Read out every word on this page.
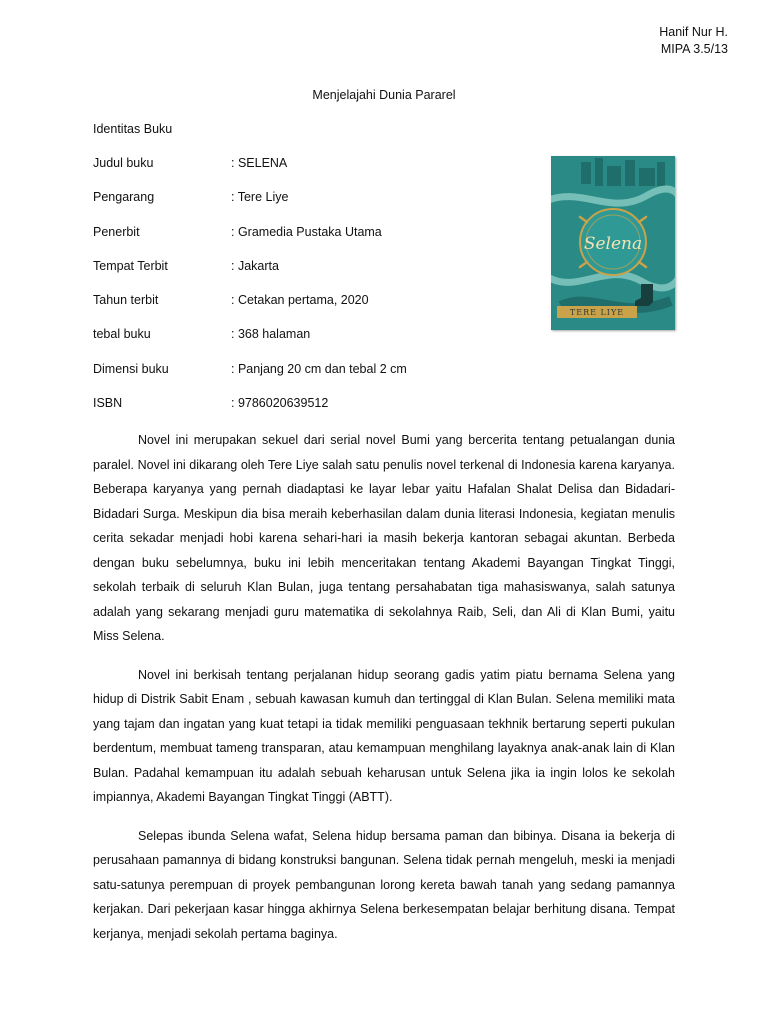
Hanif Nur H.
MIPA 3.5/13
Menjelajahi Dunia Pararel
Identitas Buku
Judul buku	: SELENA
Pengarang	: Tere Liye
Penerbit	: Gramedia Pustaka Utama
Tempat Terbit	: Jakarta
Tahun terbit	: Cetakan pertama, 2020
tebal buku	: 368 halaman
Dimensi buku	: Panjang 20 cm dan tebal 2 cm
ISBN	: 9786020639512
Selena
TERE LIYE

Novel ini merupakan sekuel dari serial novel Bumi yang bercerita tentang petualangan dunia paralel. Novel ini dikarang oleh Tere Liye salah satu penulis novel terkenal di Indonesia karena karyanya. Beberapa karyanya yang pernah diadaptasi ke layar lebar yaitu Hafalan Shalat Delisa dan Bidadari-Bidadari Surga. Meskipun dia bisa meraih keberhasilan dalam dunia literasi Indonesia, kegiatan menulis cerita sekadar menjadi hobi karena sehari-hari ia masih bekerja kantoran sebagai akuntan. Berbeda dengan buku sebelumnya, buku ini lebih menceritakan tentang Akademi Bayangan Tingkat Tinggi, sekolah terbaik di seluruh Klan Bulan, juga tentang persahabatan tiga mahasiswanya, salah satunya adalah yang sekarang menjadi guru matematika di sekolahnya Raib, Seli, dan Ali di Klan Bumi, yaitu Miss Selena.

Novel ini berkisah tentang perjalanan hidup seorang gadis yatim piatu bernama Selena yang hidup di Distrik Sabit Enam , sebuah kawasan kumuh dan tertinggal di Klan Bulan. Selena memiliki mata yang tajam dan ingatan yang kuat tetapi ia tidak memiliki penguasaan tekhnik bertarung seperti pukulan berdentum, membuat tameng transparan, atau kemampuan menghilang layaknya anak-anak lain di Klan Bulan. Padahal kemampuan itu adalah sebuah keharusan untuk Selena jika ia ingin lolos ke sekolah impiannya, Akademi Bayangan Tingkat Tinggi (ABTT).

Selepas ibunda Selena wafat, Selena hidup bersama paman dan bibinya. Disana ia bekerja di perusahaan pamannya di bidang konstruksi bangunan. Selena tidak pernah mengeluh, meski ia menjadi satu-satunya perempuan di proyek pembangunan lorong kereta bawah tanah yang sedang pamannya kerjakan. Dari pekerjaan kasar hingga akhirnya Selena berkesempatan belajar berhitung disana. Tempat kerjanya, menjadi sekolah pertama baginya.
